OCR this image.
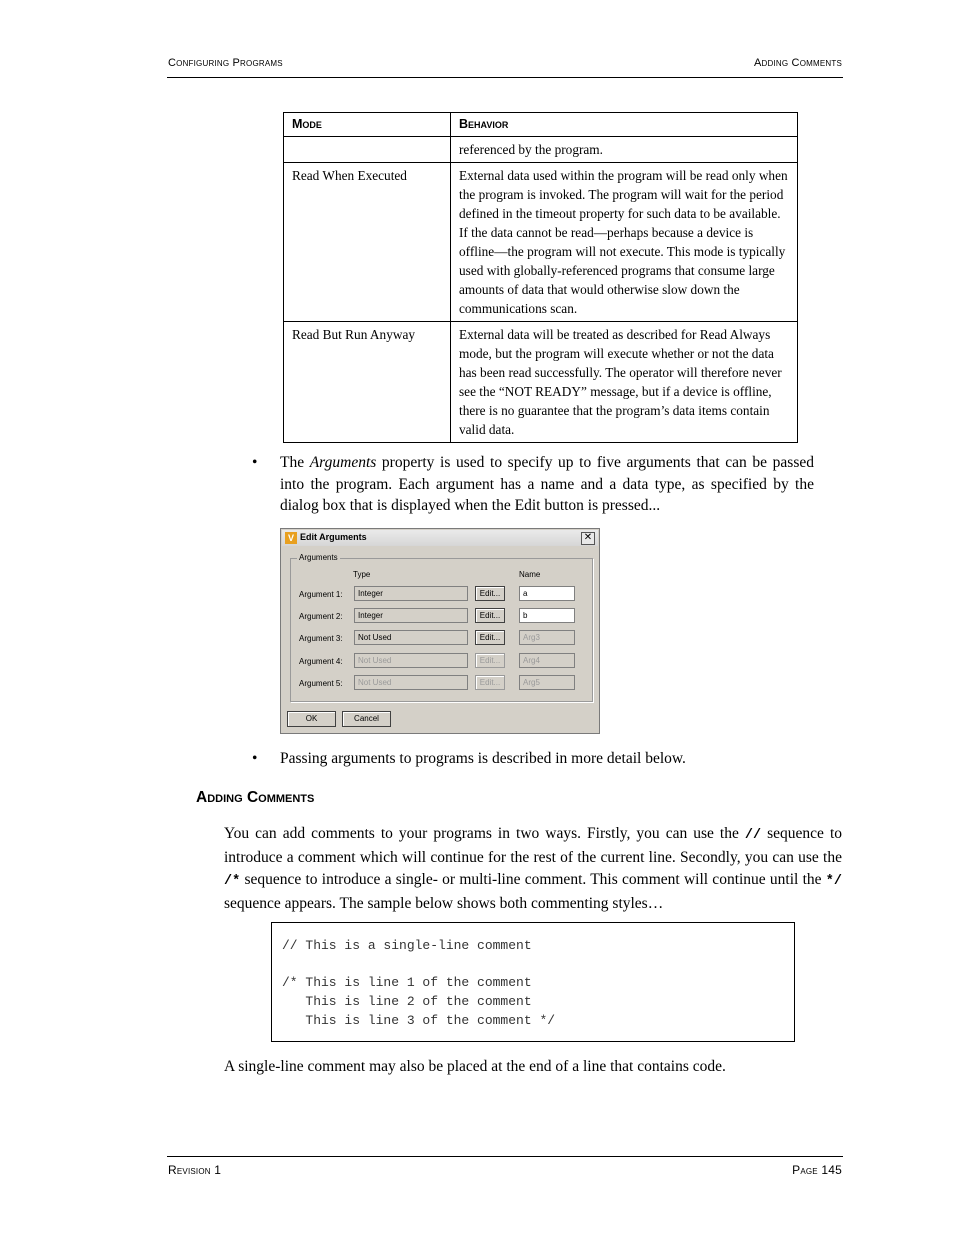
Configuring Programs	Adding Comments
Mode	Behavior
	referenced by the program.
Read When Executed	External data used within the program will be read only when the program is invoked. The program will wait for the period defined in the timeout property for such data to be available. If the data cannot be read—perhaps because a device is offline—the program will not execute. This mode is typically used with globally-referenced programs that consume large amounts of data that would otherwise slow down the communications scan.
Read But Run Anyway	External data will be treated as described for Read Always mode, but the program will execute whether or not the data has been read successfully. The operator will therefore never see the “NOT READY” message, but if a device is offline, there is no guarantee that the program’s data items contain valid data.
• The Arguments property is used to specify up to five arguments that can be passed into the program. Each argument has a name and a data type, as specified by the dialog box that is displayed when the Edit button is pressed...
V Edit Arguments	✕
Arguments
Type	Name
Argument 1:	Integer	Edit...	a
Argument 2:	Integer	Edit...	b
Argument 3:	Not Used	Edit...	Arg3
Argument 4:	Not Used	Edit...	Arg4
Argument 5:	Not Used	Edit...	Arg5
OK	Cancel
• Passing arguments to programs is described in more detail below.
Adding Comments
You can add comments to your programs in two ways. Firstly, you can use the // sequence to introduce a comment which will continue for the rest of the current line. Secondly, you can use the /* sequence to introduce a single- or multi-line comment. This comment will continue until the */ sequence appears. The sample below shows both commenting styles…
// This is a single-line comment
/* This is line 1 of the comment
This is line 2 of the comment
This is line 3 of the comment */
A single-line comment may also be placed at the end of a line that contains code.
Revision 1	Page 145
